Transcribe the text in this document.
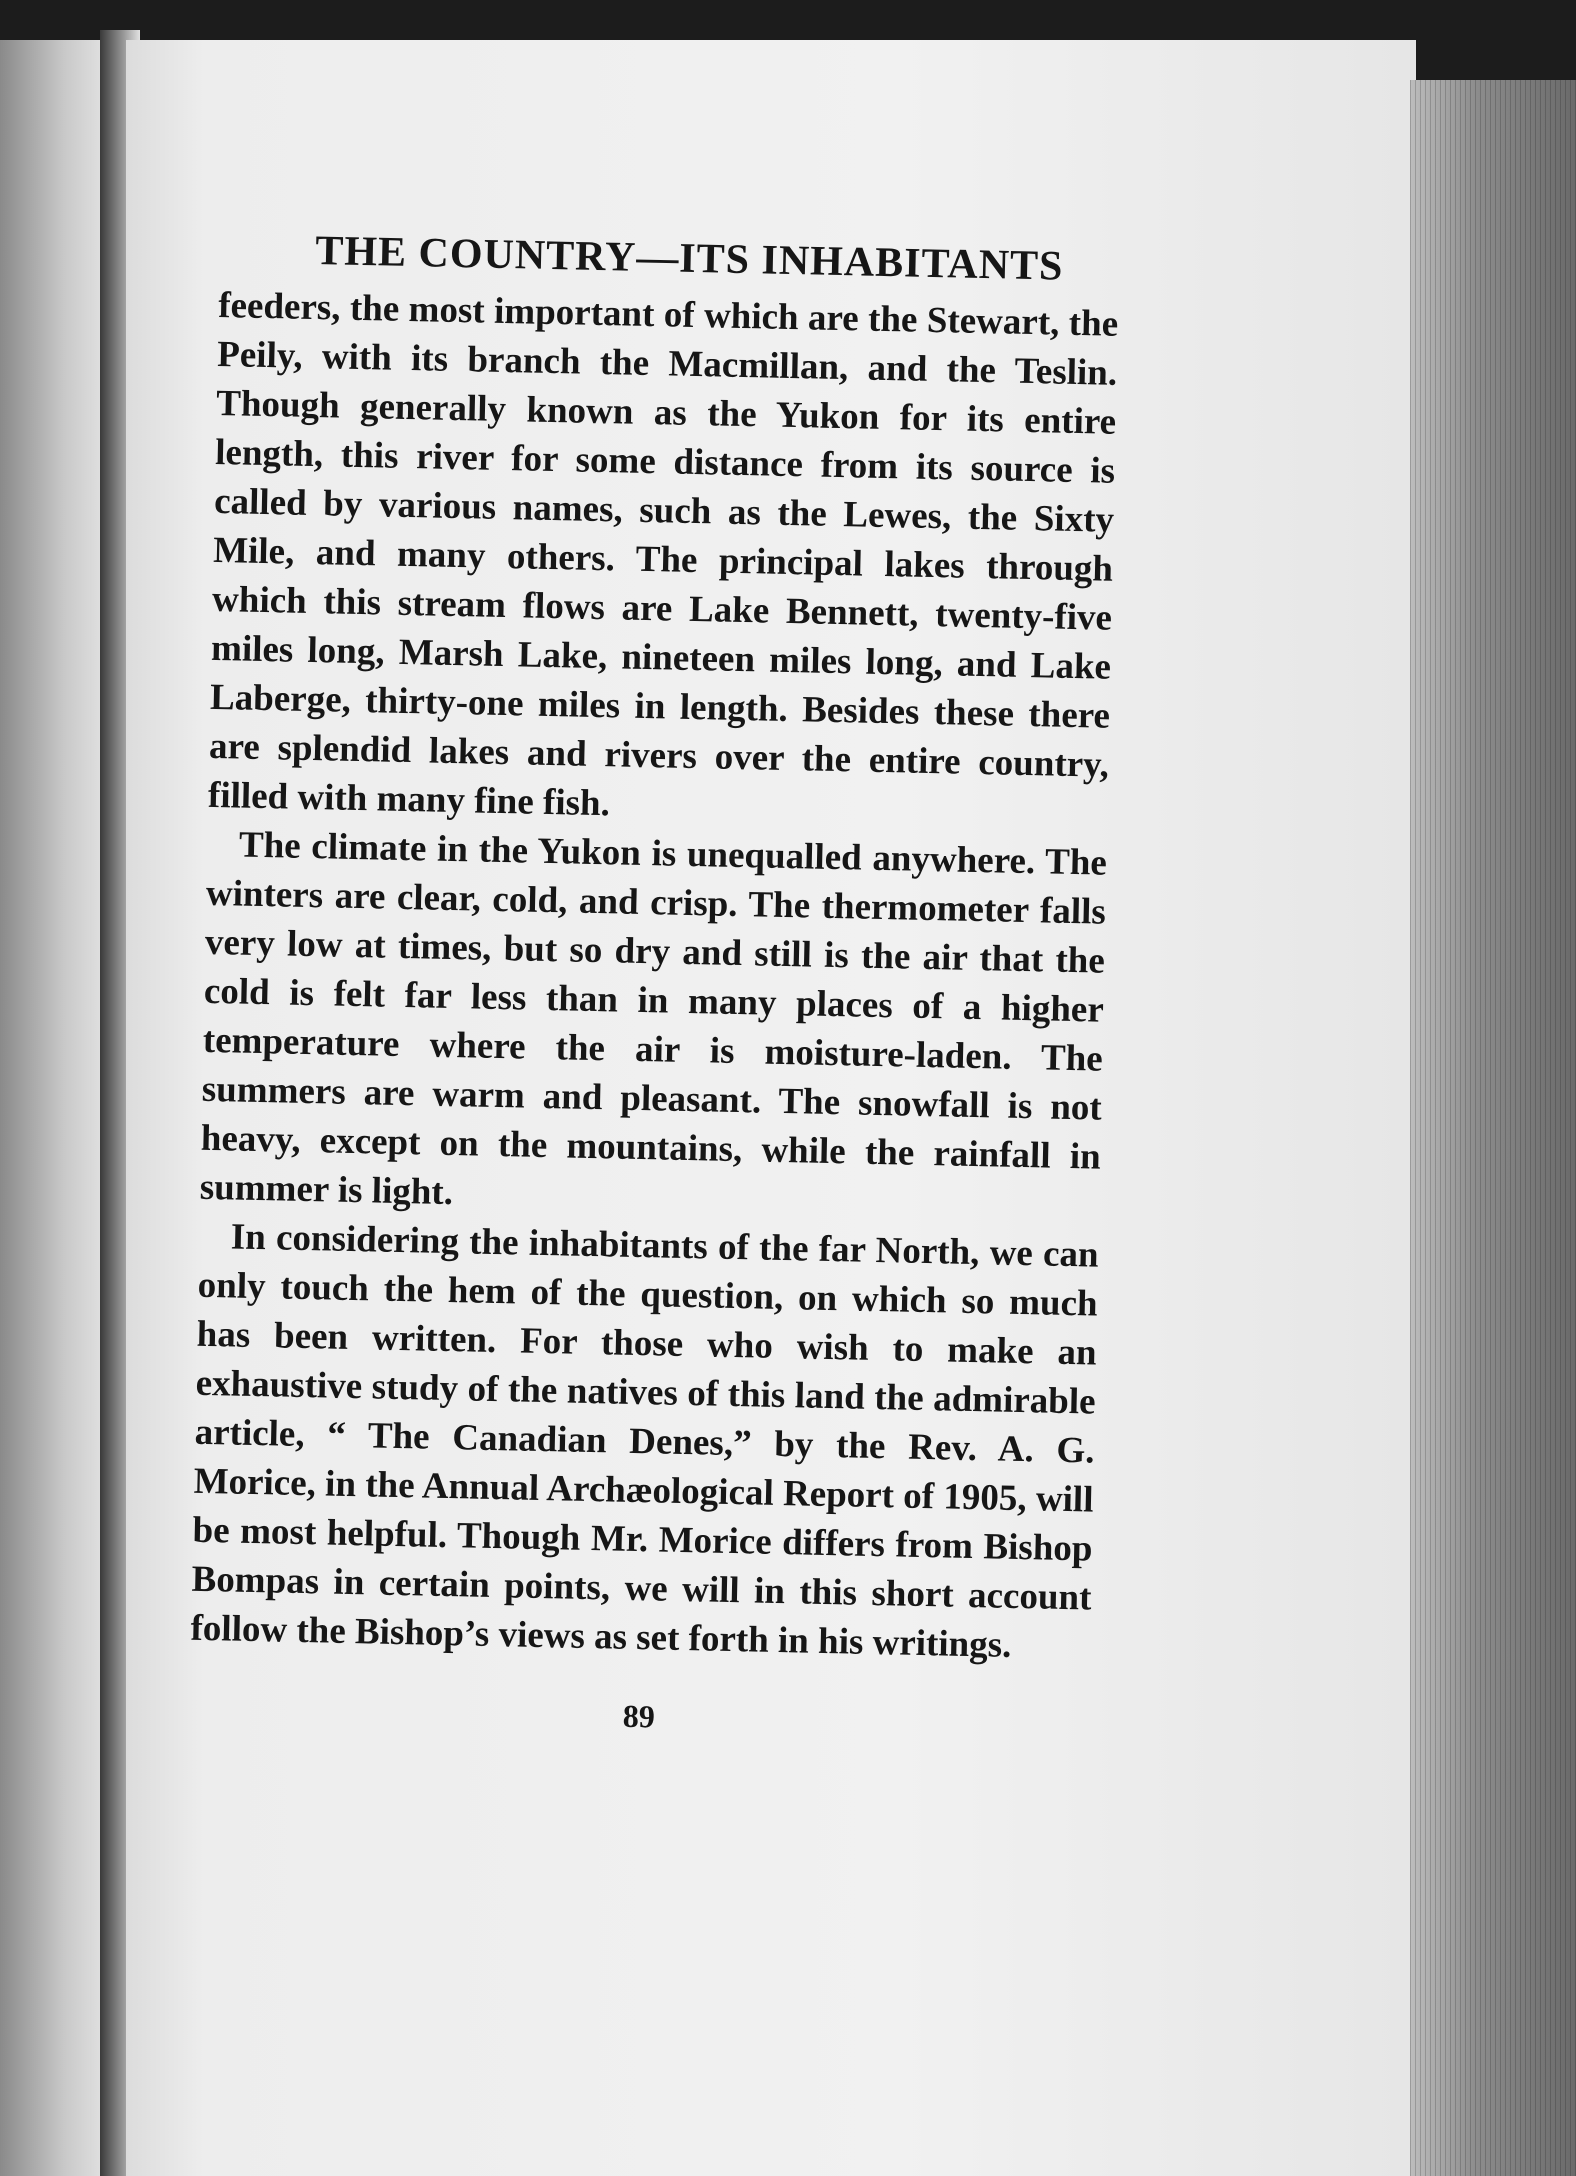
THE COUNTRY—ITS INHABITANTS

feeders, the most important of which are the Stewart, the Peily, with its branch the Macmillan, and the Teslin. Though generally known as the Yukon for its entire length, this river for some distance from its source is called by various names, such as the Lewes, the Sixty Mile, and many others. The principal lakes through which this stream flows are Lake Bennett, twenty-five miles long, Marsh Lake, nineteen miles long, and Lake Laberge, thirty-one miles in length. Besides these there are splendid lakes and rivers over the entire country, filled with many fine fish.

The climate in the Yukon is unequalled anywhere. The winters are clear, cold, and crisp. The thermometer falls very low at times, but so dry and still is the air that the cold is felt far less than in many places of a higher temperature where the air is moisture-laden. The summers are warm and pleasant. The snowfall is not heavy, except on the mountains, while the rainfall in summer is light.

In considering the inhabitants of the far North, we can only touch the hem of the question, on which so much has been written. For those who wish to make an exhaustive study of the natives of this land the admirable article, “ The Canadian Denes,” by the Rev. A. G. Morice, in the Annual Archæological Report of 1905, will be most helpful. Though Mr. Morice differs from Bishop Bompas in certain points, we will in this short account follow the Bishop’s views as set forth in his writings.

89
